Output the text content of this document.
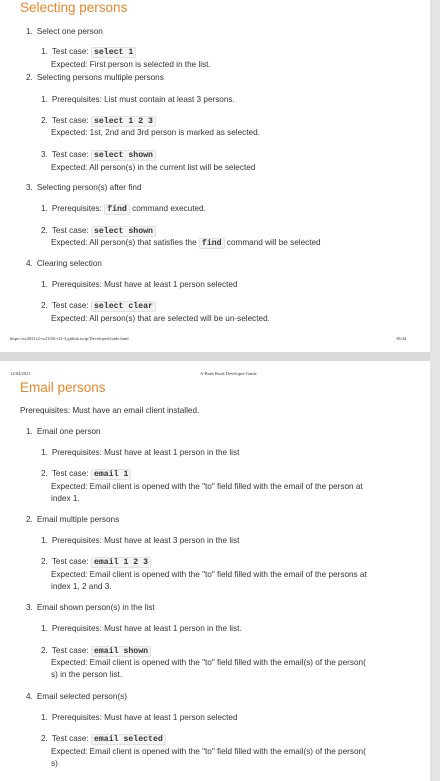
Selecting persons
1. Select one person
1. Test case: select 1
Expected: First person is selected in the list.
2. Selecting persons multiple persons
1. Prerequisites: List must contain at least 3 persons.
2. Test case: select 1 2 3
Expected: 1st, 2nd and 3rd person is marked as selected.
3. Test case: select shown
Expected: All person(s) in the current list will be selected
3. Selecting person(s) after find
1. Prerequisites: find command executed.
2. Test case: select shown
Expected: All person(s) that satisfies the find command will be selected
4. Clearing selection
1. Prerequisites: Must have at least 1 person selected
2. Test case: select clear
Expected: All person(s) that are selected will be un-selected.
https://ay2021s2-cs2103t-t12-3.github.io/tp/DeveloperGuide.html	38/44
12/04/2021	A-Bash Book Developer Guide
Email persons
Prerequisites: Must have an email client installed.
1. Email one person
1. Prerequisites: Must have at least 1 person in the list
2. Test case: email 1
Expected: Email client is opened with the "to" field filled with the email of the person at
index 1.
2. Email multiple persons
1. Prerequisites: Must have at least 3 person in the list
2. Test case: email 1 2 3
Expected: Email client is opened with the "to" field filled with the email of the persons at
index 1, 2 and 3.
3. Email shown person(s) in the list
1. Prerequisites: Must have at least 1 person in the list.
2. Test case: email shown
Expected: Email client is opened with the "to" field filled with the email(s) of the person(
s) in the person list.
4. Email selected person(s)
1. Prerequisites: Must have at least 1 person selected
2. Test case: email selected
Expected: Email client is opened with the "to" field filled with the email(s) of the person(
s)
